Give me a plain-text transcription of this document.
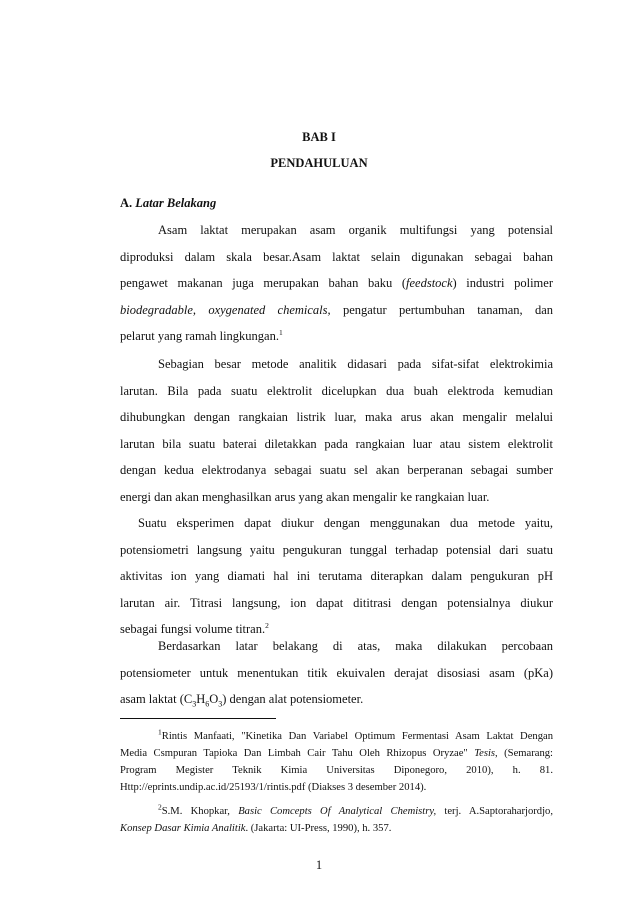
BAB I
PENDAHULUAN
A. Latar Belakang

Asam laktat merupakan asam organik multifungsi yang potensial

diproduksi dalam skala besar.Asam laktat selain digunakan sebagai bahan

pengawet makanan juga merupakan bahan baku (feedstock) industri polimer

biodegradable, oxygenated chemicals, pengatur pertumbuhan tanaman, dan

pelarut yang ramah lingkungan.$^1$

Sebagian besar metode analitik didasari pada sifat-sifat elektrokimia

larutan. Bila pada suatu elektrolit dicelupkan dua buah elektroda kemudian

dihubungkan dengan rangkaian listrik luar, maka arus akan mengalir melalui

larutan bila suatu baterai diletakkan pada rangkaian luar atau sistem elektrolit

dengan kedua elektrodanya sebagai suatu sel akan berperanan sebagai sumber

energi dan akan menghasilkan arus yang akan mengalir ke rangkaian luar.

Suatu eksperimen dapat diukur dengan menggunakan dua metode yaitu,

potensiometri langsung yaitu pengukuran tunggal terhadap potensial dari suatu

aktivitas ion yang diamati hal ini terutama diterapkan dalam pengukuran pH

larutan air. Titrasi langsung, ion dapat dititrasi dengan potensialnya diukur

sebagai fungsi volume titran.$^2$

Berdasarkan latar belakang di atas, maka dilakukan percobaan

potensiometer untuk menentukan titik ekuivalen derajat disosiasi asam (pKa)

asam laktat $(C_3H_6O_3)$ dengan alat potensiometer.

$^1$Rintis Manfaati, "Kinetika Dan Variabel Optimum Fermentasi Asam Laktat Dengan

Media Csmpuran Tapioka Dan Limbah Cair Tahu Oleh Rhizopus Oryzae" Tesis, (Semarang:

Program Megister Teknik Kimia Universitas Diponegoro, 2010), h. 81.

Http://eprints.undip.ac.id/25193/1/rintis.pdf (Diakses 3 desember 2014).

$^2$S.M. Khopkar, Basic Comcepts Of Analytical Chemistry, terj. A.Saptoraharjordjo,

Konsep Dasar Kimia Analitik. (Jakarta: UI-Press, 1990), h. 357.

1
